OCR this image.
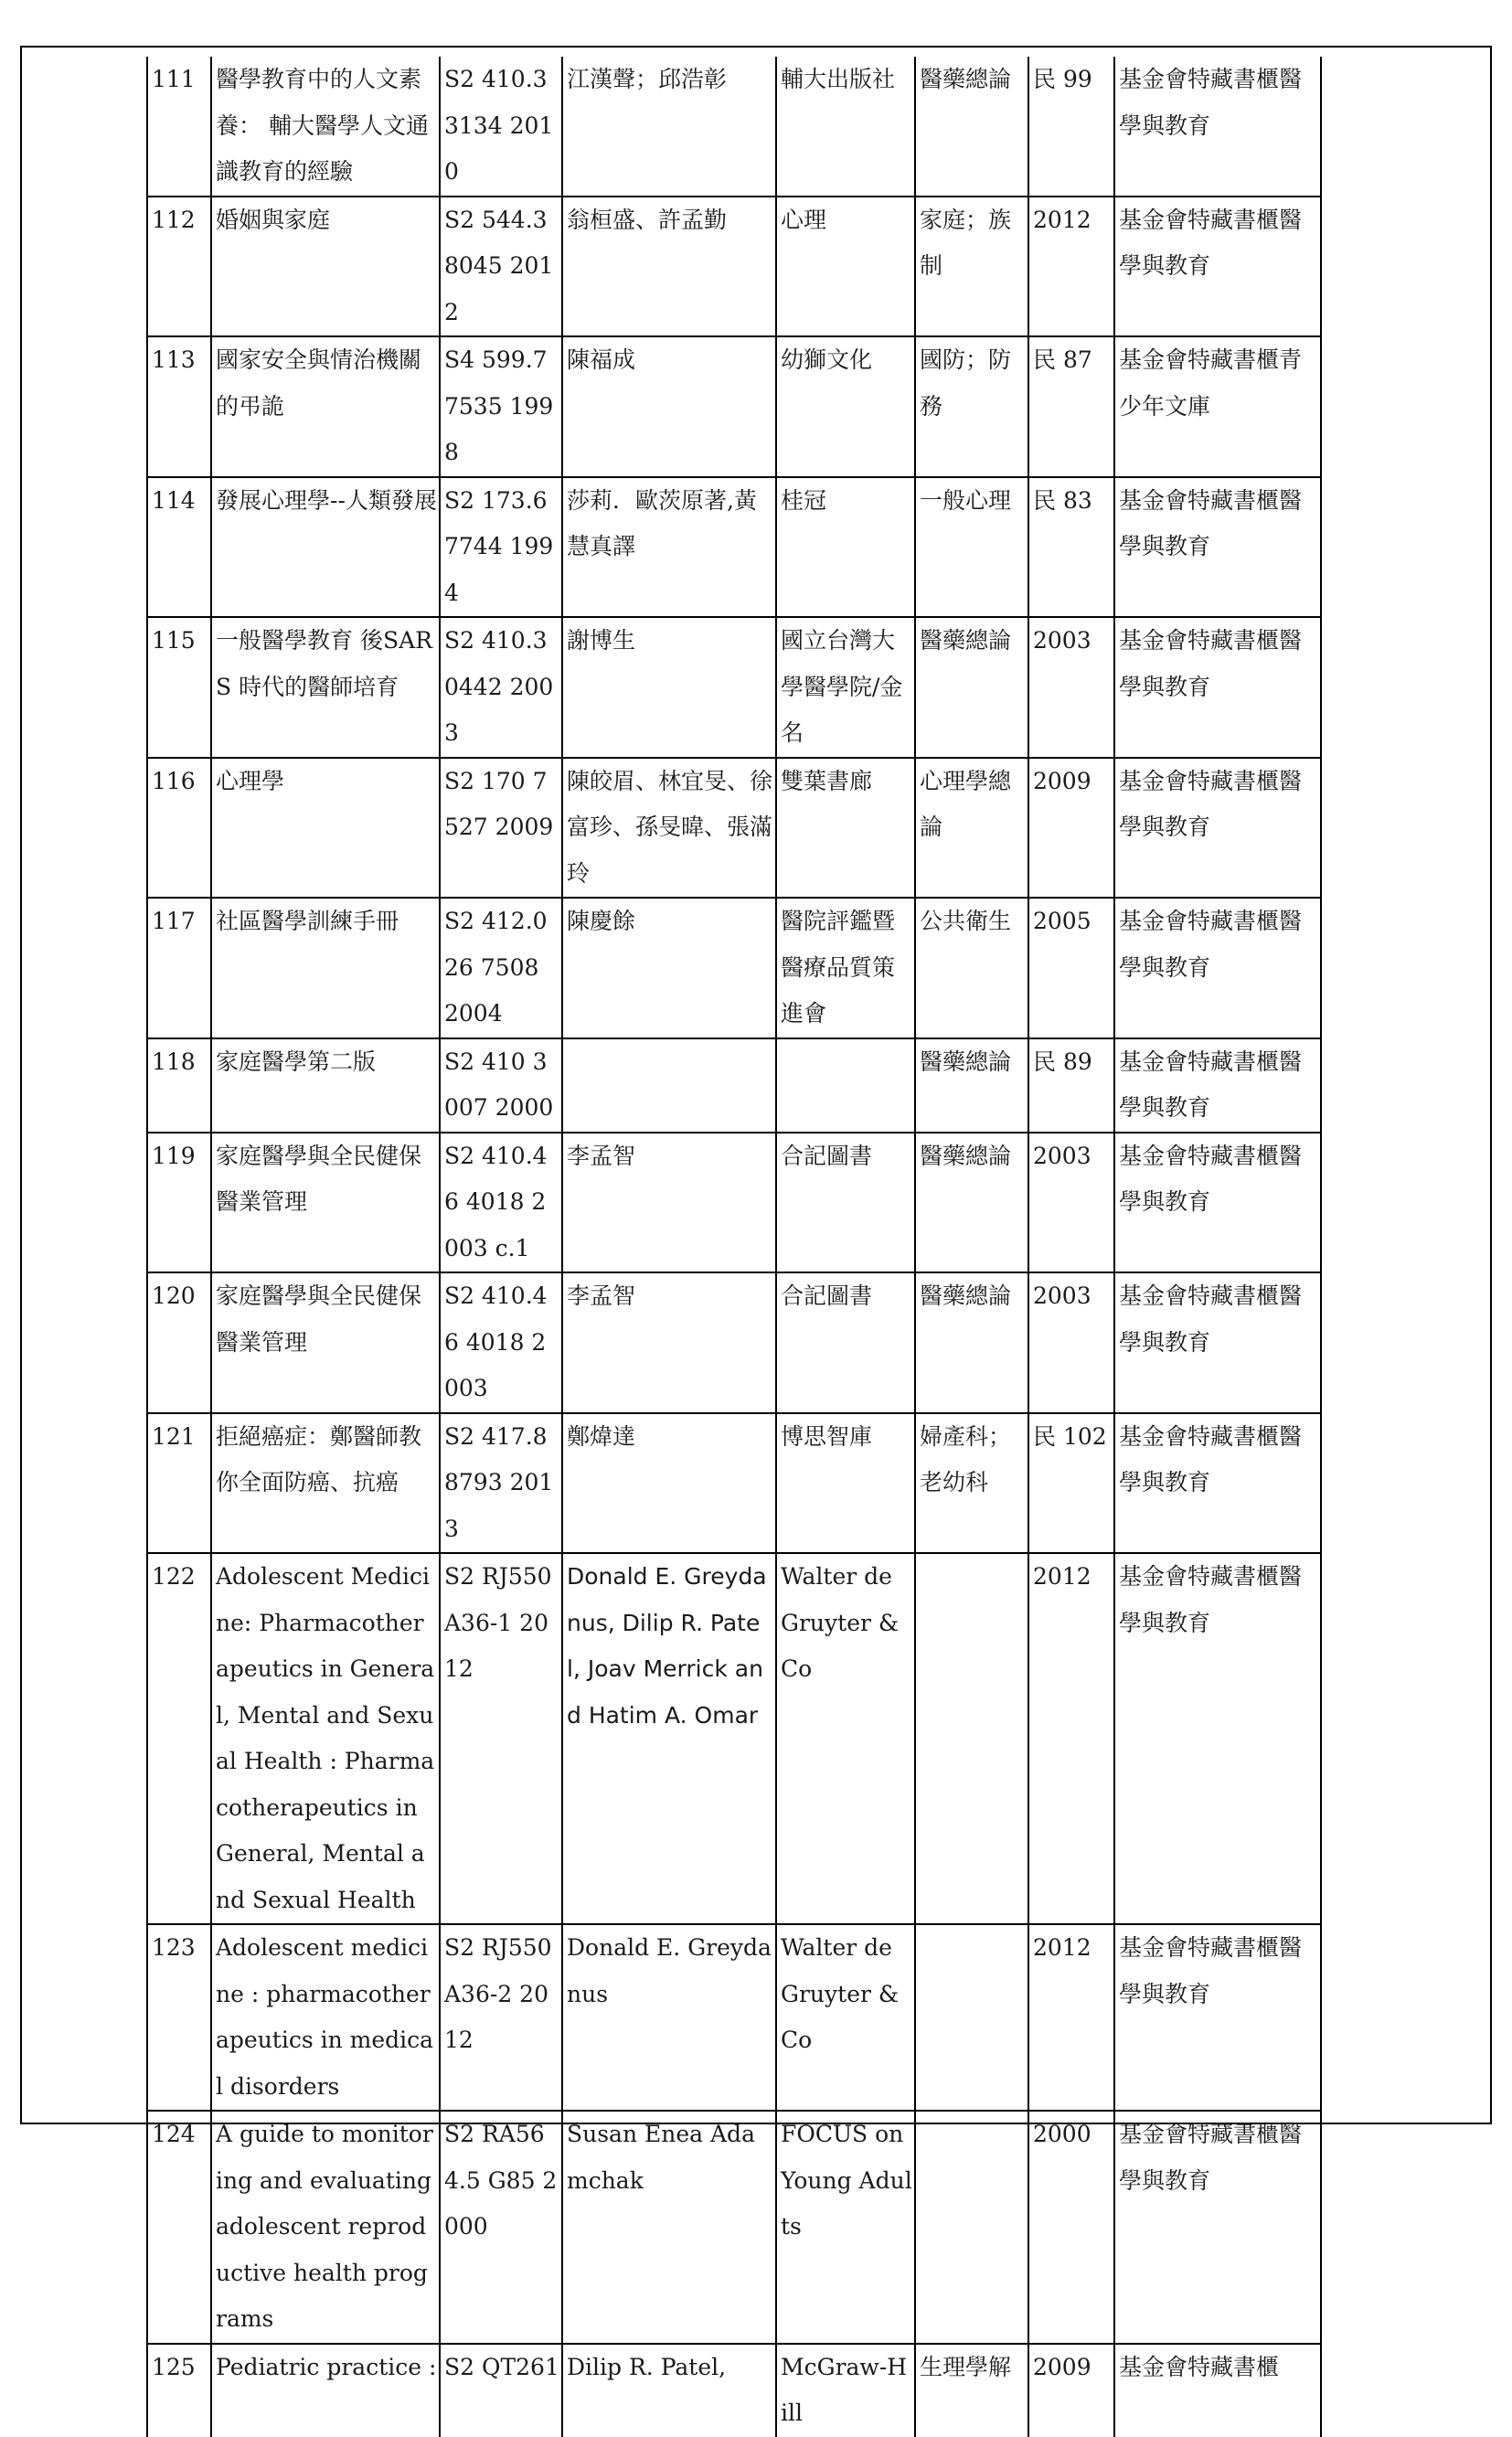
111	醫學教育中的人文素養： 輔大醫學人文通識教育的經驗	S2 410.3 3134 2010	江漢聲；邱浩彰	輔大出版社	醫藥總論	民 99	基金會特藏書櫃醫學與教育
112	婚姻與家庭	S2 544.3 8045 2012	翁桓盛、許孟勤	心理	家庭；族制	2012	基金會特藏書櫃醫學與教育
113	國家安全與情治機關的弔詭	S4 599.7 7535 1998	陳福成	幼獅文化	國防；防務	民 87	基金會特藏書櫃青少年文庫
114	發展心理學--人類發展	S2 173.6 7744 1994	莎莉．歐茨原著,黃慧真譯	桂冠	一般心理	民 83	基金會特藏書櫃醫學與教育
115	一般醫學教育 後SARS 時代的醫師培育	S2 410.3 0442 2003	謝博生	國立台灣大學醫學院/金名	醫藥總論	2003	基金會特藏書櫃醫學與教育
116	心理學	S2 170 7527 2009	陳皎眉、林宜旻、徐富珍、孫旻暐、張滿玲	雙葉書廊	心理學總論	2009	基金會特藏書櫃醫學與教育
117	社區醫學訓練手冊	S2 412.026 7508 2004	陳慶餘	醫院評鑑暨醫療品質策進會	公共衛生	2005	基金會特藏書櫃醫學與教育
118	家庭醫學第二版	S2 410 3007 2000			醫藥總論	民 89	基金會特藏書櫃醫學與教育
119	家庭醫學與全民健保醫業管理	S2 410.46 4018 2003 c.1	李孟智	合記圖書	醫藥總論	2003	基金會特藏書櫃醫學與教育
120	家庭醫學與全民健保醫業管理	S2 410.46 4018 2003	李孟智	合記圖書	醫藥總論	2003	基金會特藏書櫃醫學與教育
121	拒絕癌症：鄭醫師教你全面防癌、抗癌	S2 417.8 8793 2013	鄭煒達	博思智庫	婦產科；老幼科	民 102	基金會特藏書櫃醫學與教育
122	Adolescent Medicine: Pharmacotherapeutics in General, Mental and Sexual Health : Pharmacotherapeutics in General, Mental and Sexual Health	S2 RJ550 A36-1 2012	Donald E. Greydanus, Dilip R. Patel, Joav Merrick and Hatim A. Omar	Walter de Gruyter & Co		2012	基金會特藏書櫃醫學與教育
123	Adolescent medicine : pharmacotherapeutics in medical disorders	S2 RJ550 A36-2 2012	Donald E. Greydanus	Walter de Gruyter & Co		2012	基金會特藏書櫃醫學與教育
124	A guide to monitoring and evaluating adolescent reproductive health programs	S2 RA564.5 G85 2000	Susan Enea Adamchak	FOCUS on Young Adults		2000	基金會特藏書櫃醫學與教育
125	Pediatric practice :	S2 QT261	Dilip R. Patel,	McGraw-Hill	生理學解	2009	基金會特藏書櫃
